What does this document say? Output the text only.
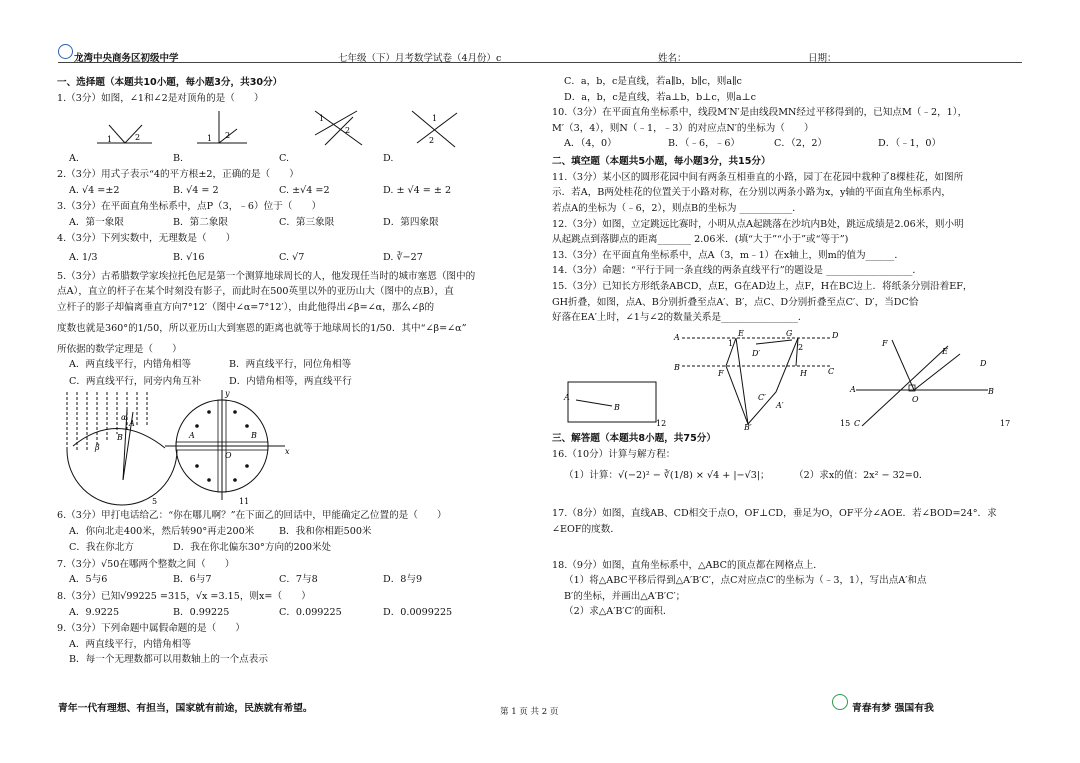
龙湾中央商务区初级中学	七年级（下）月考数学试卷（4月份）c	姓名：	日期：
一、选择题（本题共10小题，每小题3分，共30分）
1.（3分）如图，∠1和∠2是对顶角的是（　　）
1	2	1 2
1
2
1
2
A.	B.	C.	D.
2.（3分）用式子表示“4的平方根±2，正确的是（　　）
A. √4 =±2	B. √4 = 2	C. ±√4 =2	D. ± √4 = ± 2
3.（3分）在平面直角坐标系中，点P（3，﹣6）位于（　　）
A．第一象限	B．第二象限	C．第三象限	D．第四象限
4.（3分）下列实数中，无理数是（　　）
A. 1/3	B. √16	C. √7	D. ∛−27
5.（3分）古希腊数学家埃拉托色尼是第一个测算地球周长的人，他发现任当时的城市塞恩（图中的
点A），直立的杆子在某个时刻没有影子，而此时在500英里以外的亚历山大（图中的点B），直
立杆子的影子却偏离垂直方向7°12′（图中∠α=7°12′），由此他得出∠β=∠α，那么∠β的
度数也就是360°的1/50，所以亚历山大到塞恩的距离也就等于地球周长的1/50．其中“∠β=∠α”
所依据的数学定理是（　　）
A．两直线平行，内错角相等	B．两直线平行，同位角相等
C．两直线平行，同旁内角互补	D．内错角相等，两直线平行
A
B
β
α
A	B
O	x
y
5	11
6.（3分）甲打电话给乙：“你在哪儿啊？”在下面乙的回话中，甲能确定乙位置的是（　　）
A．你向北走400米，然后转90°再走200米	B．我和你相距500米
C．我在你北方	D．我在你北偏东30°方向的200米处
7.（3分）√50在哪两个整数之间（　　）
A．5与6	B．6与7	C．7与8	D．8与9
8.（3分）已知√99225 =315，√x =3.15，则x=（　　）
A．9.9225	B．0.99225	C．0.099225	D．0.0099225
9.（3分）下列命题中属假命题的是（　　）
A．两直线平行，内错角相等
B．每一个无理数都可以用数轴上的一个点表示
C．a，b，c是直线，若a∥b，b∥c，则a∥c
D．a，b，c是直线，若a⊥b，b⊥c，则a⊥c
10.（3分）在平面直角坐标系中，线段M′N′是由线段MN经过平移得到的，已知点M（﹣2，1），
M′（3，4），则N（﹣1，﹣3）的对应点N′的坐标为（　　）
A．（4，0）	B．（﹣6，﹣6）	C．（2，2）	D．（﹣1，0）
二、填空题（本题共5小题，每小题3分，共15分）
11.（3分）某小区的圆形花园中间有两条互相垂直的小路，园丁在花园中栽种了8棵桂花，如图所
示．若A，B两处桂花的位置关于小路对称，在分别以两条小路为x，y轴的平面直角坐标系内，
若点A的坐标为（﹣6，2），则点B的坐标为 ___________．
12.（3分）如图，立定跳远比赛时，小明从点A起跳落在沙坑内B处，跳远成绩是2.06米，则小明
从起跳点到落脚点的距离_______ 2.06米．(填“大于”“小于”或“等于”)
13.（3分）在平面直角坐标系中，点A（3，m﹣1）在x轴上，则m的值为______．
14.（3分）命题：“平行于同一条直线的两条直线平行”的题设是 __________________．
15.（3分）已知长方形纸条ABCD，点E，G在AD边上，点F，H在BC边上．将纸条分别沿着EF，
GH折叠，如图，点A、B分别折叠至点A′、B′，点C、D分别折叠至点C′、D′，当DC恰
好落在EA′上时，∠1与∠2的数量关系是________________．
A
B
12
A
B
E	G	D
C
F	H
D′
C′
A′
B′
1	2
15
F
E
D
A	B
O
C	17
三、解答题（本题共8小题，共75分）
16.（10分）计算与解方程：
（1）计算：√(−2)² − ∛(1/8) × √4 + |−√3|；	（2）求x的值：2x² − 32=0．
17.（8分）如图，直线AB、CD相交于点O，OF⊥CD，垂足为O，OF平分∠AOE．若∠BOD=24°．求
∠EOF的度数．
18.（9分）如图，直角坐标系中，△ABC的顶点都在网格点上．
（1）将△ABC平移后得到△A′B′C′，点C对应点C′的坐标为（﹣3，1），写出点A′和点
B′的坐标，并画出△A′B′C′；
（2）求△A′B′C′的面积．
青年一代有理想、有担当，国家就有前途，民族就有希望。	第 1 页 共 2 页	青春有梦 强国有我
